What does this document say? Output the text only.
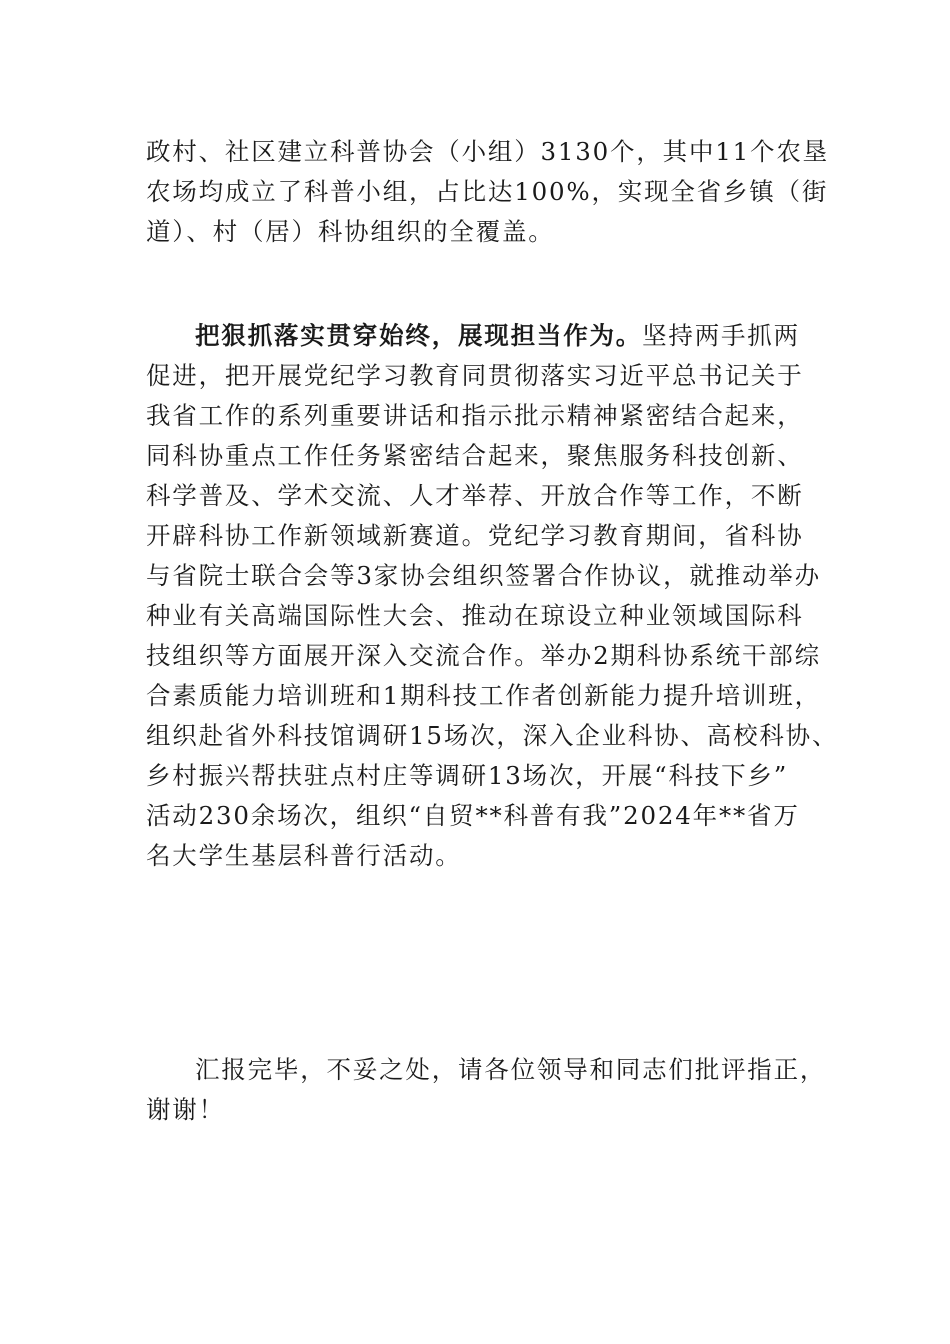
政村、社区建立科普协会（小组）3130个，其中11个农垦
农场均成立了科普小组，占比达100%，实现全省乡镇（街
道）、村（居）科协组织的全覆盖。
把狠抓落实贯穿始终，展现担当作为。坚持两手抓两
促进，把开展党纪学习教育同贯彻落实习近平总书记关于
我省工作的系列重要讲话和指示批示精神紧密结合起来，
同科协重点工作任务紧密结合起来，聚焦服务科技创新、
科学普及、学术交流、人才举荐、开放合作等工作，不断
开辟科协工作新领域新赛道。党纪学习教育期间，省科协
与省院士联合会等3家协会组织签署合作协议，就推动举办
种业有关高端国际性大会、推动在琼设立种业领域国际科
技组织等方面展开深入交流合作。举办2期科协系统干部综
合素质能力培训班和1期科技工作者创新能力提升培训班，
组织赴省外科技馆调研15场次，深入企业科协、高校科协、
乡村振兴帮扶驻点村庄等调研13场次，开展“科技下乡”
活动230余场次，组织“自贸**科普有我”2024年**省万
名大学生基层科普行活动。
汇报完毕，不妥之处，请各位领导和同志们批评指正，
谢谢！
